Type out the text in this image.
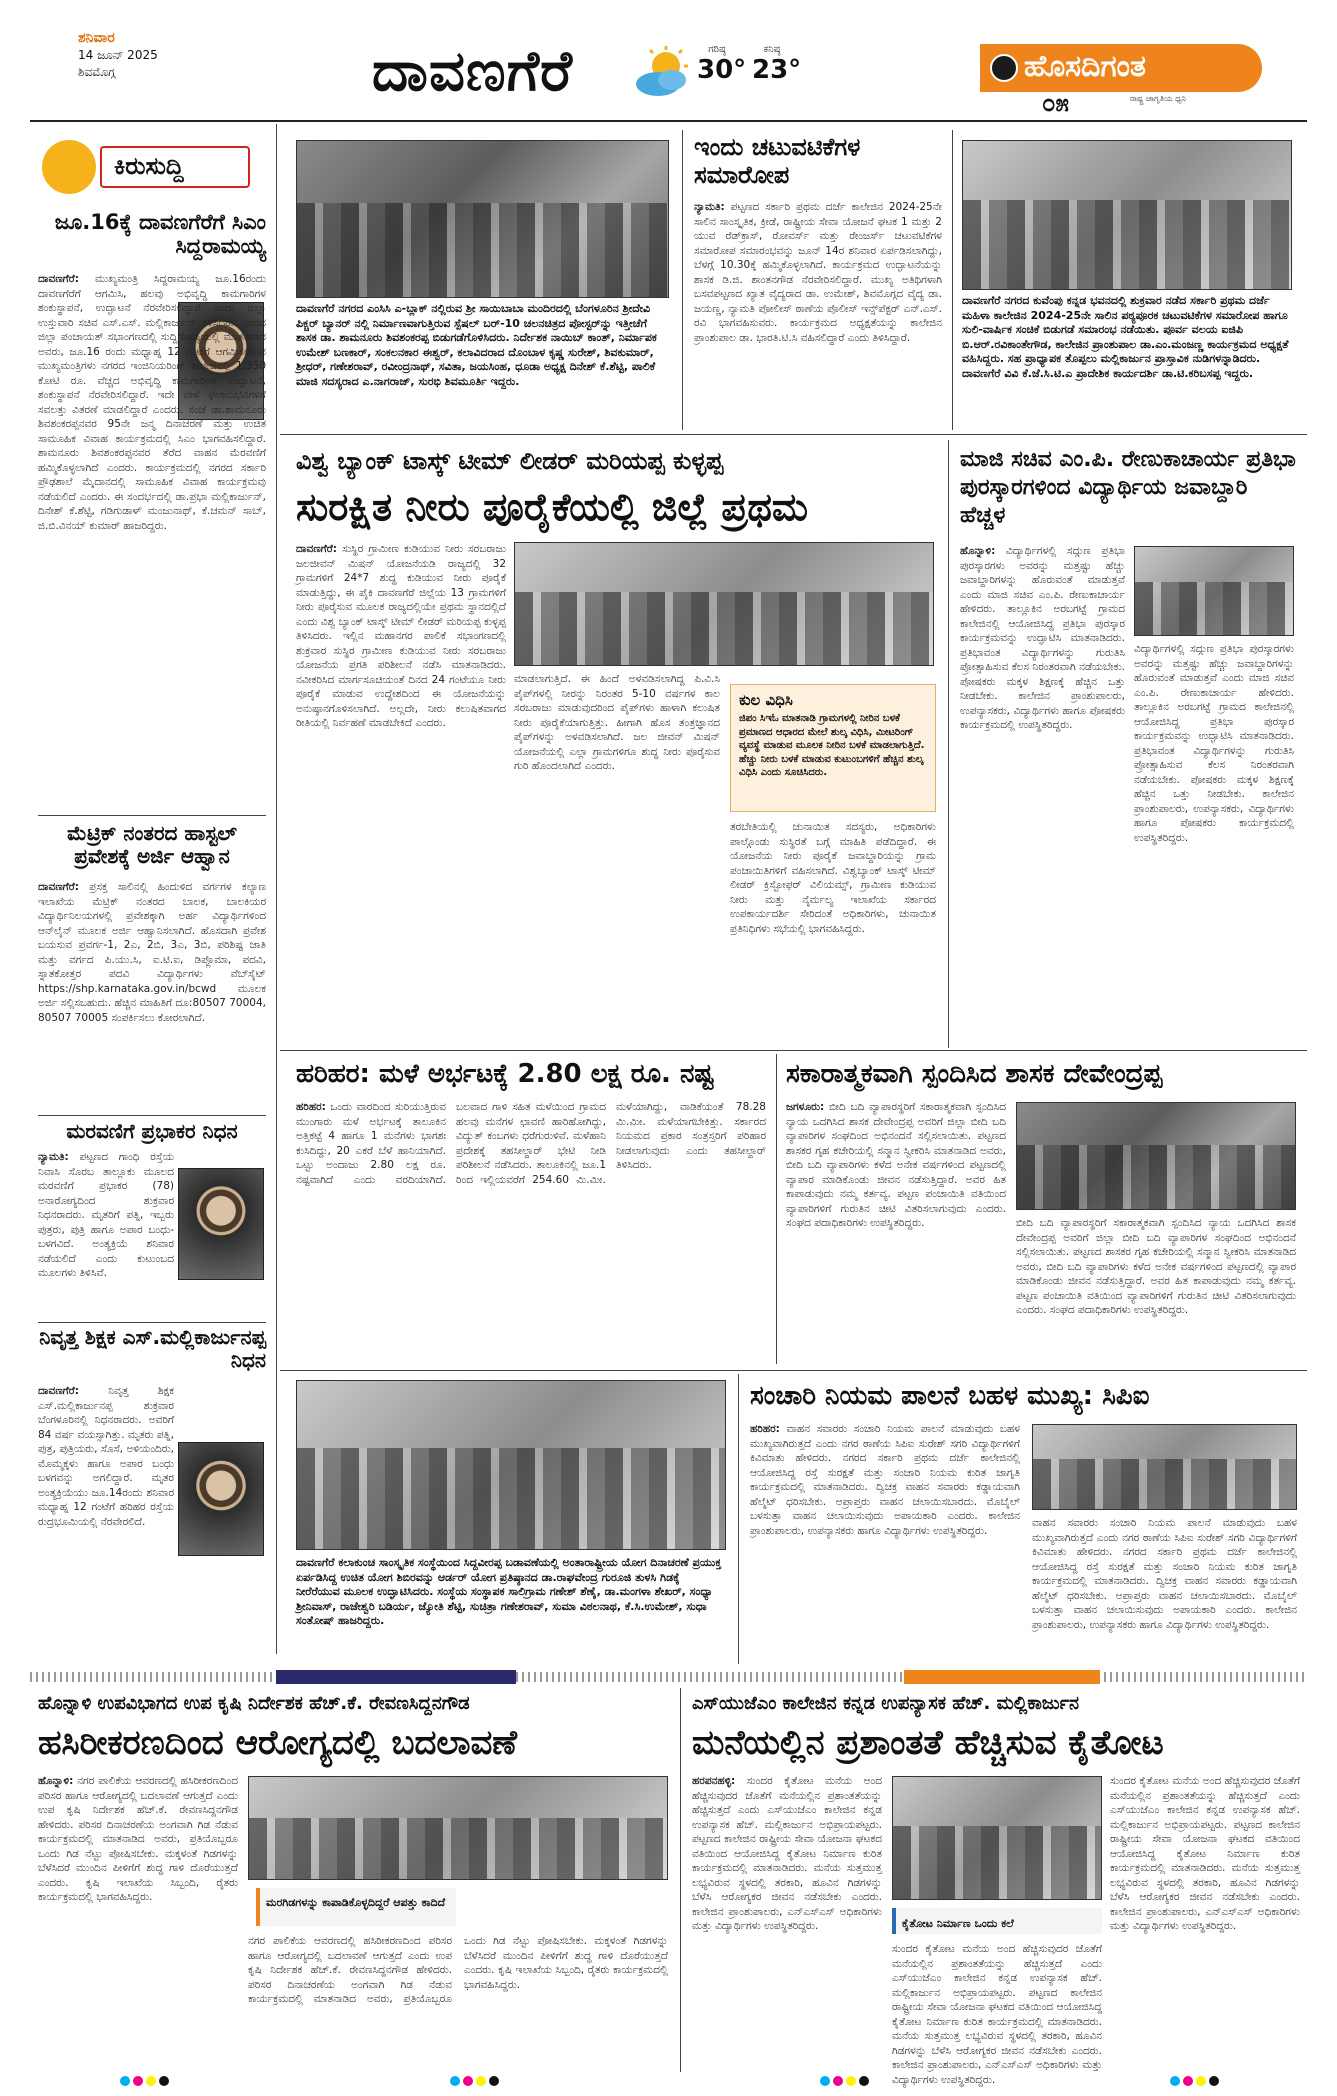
ಶನಿವಾರ
14 ಜೂನ್ 2025
ಶಿವಮೊಗ್ಗ	ದಾವಣಗೆರೆ	ಗರಿಷ್ಠ
30°
ಕನಿಷ್ಠ
23°	ಹೊಸದಿಗಂತ
ರಾಷ್ಟ್ರ ಜಾಗೃತಿಯ ಧ್ವನಿ
೦೫
ಕಿರುಸುದ್ದಿ
ಜೂ.16ಕ್ಕೆ ದಾವಣಗೆರೆಗೆ ಸಿಎಂ ಸಿದ್ದರಾಮಯ್ಯ
ದಾವಣಗೆರೆ: ಮುಖ್ಯಮಂತ್ರಿ ಸಿದ್ದರಾಮಯ್ಯ ಜೂ.16ರಂದು ದಾವಣಗೆರೆಗೆ ಆಗಮಿಸಿ, ಹಲವು ಅಭಿವೃದ್ಧಿ ಕಾಮಗಾರಿಗಳ ಶಂಕುಸ್ಥಾಪನೆ, ಉದ್ಘಾಟನೆ ನೆರವೇರಿಸಲಿದ್ದಾರೆ ಎಂದು ಜಿಲ್ಲಾ ಉಸ್ತುವಾರಿ ಸಚಿವ ಎಸ್.ಎಸ್. ಮಲ್ಲಿಕಾರ್ಜುನ್ ತಿಳಿಸಿದರು. ನಗರದ ಜಿಲ್ಲಾ ಪಂಚಾಯತ್ ಸಭಾಂಗಣದಲ್ಲಿ ಸುದ್ದಿಗೋಷ್ಠಿಯಲ್ಲಿ ಮಾತನಾಡಿದ ಅವರು, ಜೂ.16 ರಂದು ಮಧ್ಯಾಹ್ನ 12 ಗಂಟೆಗೆ ಆಗಮಿಸಲಿರುವ ಮುಖ್ಯಮಂತ್ರಿಗಳು ನಗರದ ಇಂಜಿನಿಯರಿಂಗ್ ಕಾಲೇಜಿನಲ್ಲಿ 1,350 ಕೋಟಿ ರೂ. ವೆಚ್ಚದ ಅಭಿವೃದ್ಧಿ ಕಾಮಗಾರಿಗಳ ಉದ್ಘಾಟನೆ, ಶಂಕುಸ್ಥಾಪನೆ ನೆರವೇರಿಸಲಿದ್ದಾರೆ. ಇದೇ ವೇಳೆ ಫಲಾನುಭವಿಗಳಿಗೆ ಸವಲತ್ತು ವಿತರಣೆ ಮಾಡಲಿದ್ದಾರೆ ಎಂದರು. ಸಂಜೆ ಡಾ.ಶಾಮನೂರು ಶಿವಶಂಕರಪ್ಪನವರ 95ನೇ ಜನ್ಮ ದಿನಾಚರಣೆ ಮತ್ತು ಉಚಿತ ಸಾಮೂಹಿಕ ವಿವಾಹ ಕಾರ್ಯಕ್ರಮದಲ್ಲಿ ಸಿಎಂ ಭಾಗವಹಿಸಲಿದ್ದಾರೆ. ಶಾಮನೂರು ಶಿವಶಂಕರಪ್ಪನವರ ತೆರೆದ ವಾಹನ ಮೆರವಣಿಗೆ ಹಮ್ಮಿಕೊಳ್ಳಲಾಗಿದೆ ಎಂದರು. ಕಾರ್ಯಕ್ರಮದಲ್ಲಿ ನಗರದ ಸರ್ಕಾರಿ ಪ್ರೌಢಶಾಲೆ ಮೈದಾನದಲ್ಲಿ ಸಾಮೂಹಿಕ ವಿವಾಹ ಕಾರ್ಯಕ್ರಮವು ನಡೆಯಲಿದೆ ಎಂದರು. ಈ ಸಂದರ್ಭದಲ್ಲಿ ಡಾ.ಪ್ರಭಾ ಮಲ್ಲಿಕಾರ್ಜುನ್, ದಿನೇಶ್ ಕೆ.ಶೆಟ್ಟಿ, ಗಡಿಗುಡಾಳ್ ಮಂಜುನಾಥ್, ಕೆ.ಚಮನ್ ಸಾಬ್, ಜಿ.ಬಿ.ವಿನಯ್ ಕುಮಾರ್ ಹಾಜರಿದ್ದರು.
ಮೆಟ್ರಿಕ್ ನಂತರದ ಹಾಸ್ಟಲ್ ಪ್ರವೇಶಕ್ಕೆ ಅರ್ಜಿ ಆಹ್ವಾನ
ದಾವಣಗೆರೆ: ಪ್ರಸಕ್ತ ಸಾಲಿನಲ್ಲಿ ಹಿಂದುಳಿದ ವರ್ಗಗಳ ಕಲ್ಯಾಣ ಇಲಾಖೆಯ ಮೆಟ್ರಿಕ್ ನಂತರದ ಬಾಲಕ, ಬಾಲಕಿಯರ ವಿದ್ಯಾರ್ಥಿನಿಲಯಗಳಲ್ಲಿ ಪ್ರವೇಶಕ್ಕಾಗಿ ಅರ್ಹ ವಿದ್ಯಾರ್ಥಿಗಳಿಂದ ಆನ್‍ಲೈನ್ ಮೂಲಕ ಅರ್ಜಿ ಆಹ್ವಾನಿಸಲಾಗಿದೆ. ಹೊಸದಾಗಿ ಪ್ರವೇಶ ಬಯಸುವ ಪ್ರವರ್ಗ-1, 2ಎ, 2ಬಿ, 3ಎ, 3ಬಿ, ಪರಿಶಿಷ್ಟ ಜಾತಿ ಮತ್ತು ವರ್ಗದ ಪಿ.ಯು.ಸಿ, ಐ.ಟಿ.ಐ, ಡಿಪ್ಲೊಮಾ, ಪದವಿ, ಸ್ನಾತಕೋತ್ತರ ಪದವಿ ವಿದ್ಯಾರ್ಥಿಗಳು ವೆಬ್‍ಸೈಟ್ https://shp.karnataka.gov.in/bcwd ಮೂಲಕ ಅರ್ಜಿ ಸಲ್ಲಿಸಬಹುದು. ಹೆಚ್ಚಿನ ಮಾಹಿತಿಗೆ ದೂ:80507 70004, 80507 70005 ಸಂಪರ್ಕಿಸಲು ಕೋರಲಾಗಿದೆ.
ಮರವಣಿಗೆ ಪ್ರಭಾಕರ ನಿಧನ
ನ್ಯಾಮತಿ: ಪಟ್ಟಣದ ಗಾಂಧಿ ರಸ್ತೆಯ ನಿವಾಸಿ ಸೊರಬ ತಾಲ್ಲೂಕು ಮೂಲದ ಮರವಣಿಗೆ ಪ್ರಭಾಕರ (78) ಅನಾರೋಗ್ಯದಿಂದ ಶುಕ್ರವಾರ ನಿಧನರಾದರು. ಮೃತರಿಗೆ ಪತ್ನಿ, ಇಬ್ಬರು ಪುತ್ರರು, ಪುತ್ರಿ ಹಾಗೂ ಅಪಾರ ಬಂಧು-ಬಳಗವಿದೆ. ಅಂತ್ಯಕ್ರಿಯೆ ಶನಿವಾರ ನಡೆಯಲಿದೆ ಎಂದು ಕುಟುಂಬದ ಮೂಲಗಳು ತಿಳಿಸಿವೆ.
ನಿವೃತ್ತ ಶಿಕ್ಷಕ ಎಸ್.ಮಲ್ಲಿಕಾರ್ಜುನಪ್ಪ ನಿಧನ
ದಾವಣಗೆರೆ:	ನಿವೃತ್ತ ಶಿಕ್ಷಕ ಎಸ್.ಮಲ್ಲಿಕಾರ್ಜುನಪ್ಪ ಶುಕ್ರವಾರ ಬೆಂಗಳೂರಿನಲ್ಲಿ ನಿಧನರಾದರು. ಅವರಿಗೆ 84 ವರ್ಷ ವಯಸ್ಸಾಗಿತ್ತು. ಮೃತರು ಪತ್ನಿ, ಪುತ್ರ, ಪುತ್ರಿಯರು, ಸೊಸೆ, ಅಳಿಯಂದಿರು, ಮೊಮ್ಮಕ್ಕಳು ಹಾಗೂ ಅಪಾರ ಬಂಧು ಬಳಗವನ್ನು ಅಗಲಿದ್ದಾರೆ. ಮೃತರ ಅಂತ್ಯಕ್ರಿಯೆಯು ಜೂ.14ರಂದು ಶನಿವಾರ ಮಧ್ಯಾಹ್ನ 12 ಗಂಟೆಗೆ ಹರಿಹರ ರಸ್ತೆಯ ರುದ್ರಭೂಮಿಯಲ್ಲಿ ನೆರವೇರಲಿದೆ.
ದಾವಣಗೆರೆ ನಗರದ ಎಂಸಿಸಿ ಎ-ಬ್ಲಾಕ್ ನಲ್ಲಿರುವ ಶ್ರೀ ಸಾಯಿಬಾಬಾ ಮಂದಿರದಲ್ಲಿ ಬೆಂಗಳೂರಿನ ಶ್ರೀದೇವಿ ಪಿಕ್ಚರ್ ಬ್ಯಾನರ್ ನಲ್ಲಿ ನಿರ್ಮಾಣವಾಗುತ್ತಿರುವ ಸ್ಪೆಷಲ್ ಬರ್-10 ಚಲನಚಿತ್ರದ ಪೋಸ್ಟರ್‌ನ್ನು ಇತ್ತೀಚೆಗೆ ಶಾಸಕ ಡಾ. ಶಾಮನೂರು ಶಿವಶಂಕರಪ್ಪ ಬಿಡುಗಡೆಗೊಳಿಸಿದರು. ನಿರ್ದೇಶಕ ನಾಯಿಬ್ ಕಾಂತ್, ನಿರ್ಮಾಪಕ ಉಮೇಶ್ ಬಣಕಾರ್, ಸಂಕಲನಕಾರ ಈಶ್ವರ್, ಕಲಾವಿದರಾದ ದೊಂಬಾಳ ಕೃಷ್ಣ ಸುರೇಶ್, ಶಿವಕುಮಾರ್, ಶ್ರೀಧರ್, ಗಣೇಶರಾವ್, ರವೀಂದ್ರನಾಥ್, ಸವಿತಾ, ಜಯಸಿಂಹ, ಧೂಡಾ ಅಧ್ಯಕ್ಷ ದಿನೇಶ್ ಕೆ.ಶೆಟ್ಟಿ, ಪಾಲಿಕೆ ಮಾಜಿ ಸದಸ್ಯರಾದ ಎ.ನಾಗರಾಜ್, ಸುರಭಿ ಶಿವಮೂರ್ತಿ ಇದ್ದರು.
ಇಂದು ಚಟುವಟಿಕೆಗಳ ಸಮಾರೋಪ
ನ್ಯಾಮತಿ: ಪಟ್ಟಣದ ಸರ್ಕಾರಿ ಪ್ರಥಮ ದರ್ಜೆ ಕಾಲೇಜಿನ 2024-25ನೇ ಸಾಲಿನ ಸಾಂಸ್ಕೃತಿಕ, ಕ್ರೀಡೆ, ರಾಷ್ಟ್ರೀಯ ಸೇವಾ ಯೋಜನೆ ಘಟಕ 1 ಮತ್ತು 2 ಯುವ ರೆಡ್‍ಕ್ರಾಸ್, ರೋವರ್ಸ್ ಮತ್ತು ರೇಂಜರ್ಸ್ ಚಟುವಟಿಕೆಗಳ ಸಮಾರೋಪ ಸಮಾರಂಭವನ್ನು ಜೂನ್ 14ರ ಶನಿವಾರ ಏರ್ಪಡಿಸಲಾಗಿದ್ದು, ಬೆಳಗ್ಗೆ 10.30ಕ್ಕೆ ಹಮ್ಮಿಕೊಳ್ಳಲಾಗಿದೆ. ಕಾರ್ಯಕ್ರಮದ ಉದ್ಘಾಟನೆಯನ್ನು ಶಾಸಕ ಡಿ.ಜಿ. ಶಾಂತನಗೌಡ ನೆರವೇರಿಸಲಿದ್ದಾರೆ. ಮುಖ್ಯ ಅತಿಥಿಗಳಾಗಿ ಬಸವಪಟ್ಟಣದ ಖ್ಯಾತ ವೈದ್ಯರಾದ ಡಾ. ಉಮೇಶ್, ಶಿವಮೊಗ್ಗದ ವೈದ್ಯ ಡಾ. ಜಯಣ್ಣ, ನ್ಯಾಮತಿ ಪೋಲೀಸ್ ಠಾಣೆಯ ಪೊಲೀಸ್ ಇನ್ಸ್‌ಪೆಕ್ಟರ್ ಎನ್.ಎಸ್. ರವಿ ಭಾಗವಹಿಸುವರು. ಕಾರ್ಯಕ್ರಮದ ಅಧ್ಯಕ್ಷತೆಯನ್ನು ಕಾಲೇಜಿನ ಪ್ರಾಂಶುಪಾಲ ಡಾ. ಭಾರತಿ.ಟಿ.ಸಿ ವಹಿಸಲಿದ್ದಾರೆ ಎಂದು ತಿಳಿಸಿದ್ದಾರೆ.
ದಾವಣಗೆರೆ ನಗರದ ಕುವೆಂಪು ಕನ್ನಡ ಭವನದಲ್ಲಿ ಶುಕ್ರವಾರ ನಡೆದ ಸರ್ಕಾರಿ ಪ್ರಥಮ ದರ್ಜೆ ಮಹಿಳಾ ಕಾಲೇಜಿನ 2024-25ನೇ ಸಾಲಿನ ಪಠ್ಯಪೂರಕ ಚಟುವಟಿಕೆಗಳ ಸಮಾರೋಪ ಹಾಗೂ ಸುಲಿ-ವಾರ್ಷಿಕ ಸಂಚಿಕೆ ಬಿಡುಗಡೆ ಸಮಾರಂಭ ನಡೆಯಿತು. ಪೂರ್ವ ವಲಯ ಐಜಿಪಿ ಬಿ.ಆರ್.ರವಿಕಾಂತೇಗೌಡ, ಕಾಲೇಜಿನ ಪ್ರಾಂಶುಪಾಲ ಡಾ.ಎಂ.ಮಂಜಣ್ಣ ಕಾರ್ಯಕ್ರಮದ ಅಧ್ಯಕ್ಷತೆ ವಹಿಸಿದ್ದರು. ಸಹ ಪ್ರಾಧ್ಯಾಪಕ ತೊಪ್ಪಲು ಮಲ್ಲಿಕಾರ್ಜುನ ಪ್ರಾಸ್ತಾವಿಕ ನುಡಿಗಳನ್ನಾಡಿದರು. ದಾವಣಗೆರೆ ವಿವಿ ಕೆ.ಜೆ.ಸಿ.ಟಿ.ಎ ಪ್ರಾದೇಶಿಕ ಕಾರ್ಯದರ್ಶಿ ಡಾ.ಟಿ.ಕರಿಬಸಪ್ಪ ಇದ್ದರು.
ವಿಶ್ವ ಬ್ಯಾಂಕ್ ಟಾಸ್ಕ್ ಟೀಮ್ ಲೀಡರ್ ಮರಿಯಪ್ಪ ಕುಳ್ಳಪ್ಪ
ಸುರಕ್ಷಿತ ನೀರು ಪೂರೈಕೆಯಲ್ಲಿ ಜಿಲ್ಲೆ ಪ್ರಥಮ
ದಾವಣಗೆರೆ: ಸುಸ್ಥಿರ ಗ್ರಾಮೀಣ ಕುಡಿಯುವ ನೀರು ಸರಬರಾಜು ಜಲಜೀವನ್ ಮಿಷನ್ ಯೋಜನೆಯಡಿ ರಾಜ್ಯದಲ್ಲಿ 32 ಗ್ರಾಮಗಳಿಗೆ 24*7 ಶುದ್ಧ ಕುಡಿಯುವ ನೀರು ಪೂರೈಕೆ ಮಾಡುತ್ತಿದ್ದು, ಈ ಪೈಕಿ ದಾವಣಗೆರೆ ಜಿಲ್ಲೆಯ 13 ಗ್ರಾಮಗಳಿಗೆ ನೀರು ಪೂರೈಸುವ ಮೂಲಕ ರಾಜ್ಯದಲ್ಲಿಯೇ ಪ್ರಥಮ ಸ್ಥಾನದಲ್ಲಿದೆ ಎಂದು ವಿಶ್ವ ಬ್ಯಾಂಕ್ ಟಾಸ್ಕ್ ಟೀಮ್ ಲೀಡರ್ ಮರಿಯಪ್ಪ ಕುಳ್ಳಪ್ಪ ತಿಳಿಸಿದರು. ಇಲ್ಲಿನ ಮಹಾನಗರ ಪಾಲಿಕೆ ಸಭಾಂಗಣದಲ್ಲಿ ಶುಕ್ರವಾರ ಸುಸ್ಥಿರ ಗ್ರಾಮೀಣ ಕುಡಿಯುವ ನೀರು ಸರಬರಾಜು ಯೋಜನೆಯ ಪ್ರಗತಿ ಪರಿಶೀಲನೆ ನಡೆಸಿ ಮಾತನಾಡಿದರು. ನವೀಕರಿಸಿದ ಮಾರ್ಗಸೂಚಿಯಂತೆ ದಿನದ 24 ಗಂಟೆಯೂ ನೀರು ಪೂರೈಕೆ ಮಾಡುವ ಉದ್ದೇಶದಿಂದ ಈ ಯೋಜನೆಯನ್ನು ಅನುಷ್ಠಾನಗೊಳಿಸಲಾಗಿದೆ. ಅಲ್ಲದೇ, ನೀರು ಕಲುಷಿತವಾಗದ ರೀತಿಯಲ್ಲಿ ನಿರ್ವಹಣೆ ಮಾಡಬೇಕಿದೆ ಎಂದರು.
ಮಾಡಲಾಗುತ್ತಿದೆ. ಈ ಹಿಂದೆ ಅಳವಡಿಸಲಾಗಿದ್ದ ಪಿ.ವಿ.ಸಿ ಪೈಪ್‌ಗಳಲ್ಲಿ ನೀರನ್ನು ನಿರಂತರ 5-10 ವರ್ಷಗಳ ಕಾಲ ಸರಬರಾಜು ಮಾಡುವುದರಿಂದ ಪೈಪ್‌ಗಳು ಹಾಳಾಗಿ ಕಲುಷಿತ ನೀರು ಪೂರೈಕೆಯಾಗುತ್ತಿತ್ತು. ಹೀಗಾಗಿ ಹೊಸ ತಂತ್ರಜ್ಞಾನದ ಪೈಪ್‌ಗಳನ್ನು ಅಳವಡಿಸಲಾಗಿದೆ. ಜಲ ಜೀವನ್ ಮಿಷನ್ ಯೋಜನೆಯಲ್ಲಿ ಎಲ್ಲಾ ಗ್ರಾಮಗಳಿಗೂ ಶುದ್ಧ ನೀರು ಪೂರೈಸುವ ಗುರಿ ಹೊಂದಲಾಗಿದೆ ಎಂದರು.
ಕುಲ ವಿಧಿಸಿ
ಜಿಪಂ ಸಿಇಓ ಮಾತನಾಡಿ ಗ್ರಾಮಗಳಲ್ಲಿ ನೀರಿನ ಬಳಕೆ ಪ್ರಮಾಣದ ಆಧಾರದ ಮೇಲೆ ಶುಲ್ಕ ವಿಧಿಸಿ, ಮೀಟರಿಂಗ್ ವ್ಯವಸ್ಥೆ ಮಾಡುವ ಮೂಲಕ ನೀರಿನ ಬಳಕೆ ಮಾಡಲಾಗುತ್ತಿದೆ. ಹೆಚ್ಚು ನೀರು ಬಳಕೆ ಮಾಡುವ ಕುಟುಂಬಗಳಿಗೆ ಹೆಚ್ಚಿನ ಶುಲ್ಕ ವಿಧಿಸಿ ಎಂದು ಸೂಚಿಸಿದರು.
ತರಬೇತಿಯಲ್ಲಿ ಚುನಾಯಿತ ಸದಸ್ಯರು, ಅಧಿಕಾರಿಗಳು ಪಾಲ್ಗೊಂಡು ಸುಸ್ಥಿರತೆ ಬಗ್ಗೆ ಮಾಹಿತಿ ಪಡೆದಿದ್ದಾರೆ. ಈ ಯೋಜನೆಯ ನೀರು ಪೂರೈಕೆ ಜವಾಬ್ದಾರಿಯನ್ನು ಗ್ರಾಮ ಪಂಚಾಯಿತಿಗಳಿಗೆ ವಹಿಸಲಾಗಿದೆ. ವಿಶ್ವಬ್ಯಾಂಕ್ ಟಾಸ್ಕ್ ಟೀಮ್ ಲೀಡರ್ ಕ್ರಿಸ್ಟೋಫರ್ ವಿಲಿಯಮ್ಸ್, ಗ್ರಾಮೀಣ ಕುಡಿಯುವ ನೀರು ಮತ್ತು ನೈರ್ಮಲ್ಯ ಇಲಾಖೆಯ ಸರ್ಕಾರದ ಉಪಕಾರ್ಯದರ್ಶಿ ಸೇರಿದಂತೆ ಅಧಿಕಾರಿಗಳು, ಚುನಾಯಿತ ಪ್ರತಿನಿಧಿಗಳು ಸಭೆಯಲ್ಲಿ ಭಾಗವಹಿಸಿದ್ದರು.
ಮಾಜಿ ಸಚಿವ ಎಂ.ಪಿ. ರೇಣುಕಾಚಾರ್ಯ ಪ್ರತಿಭಾ ಪುರಸ್ಕಾರಗಳಿಂದ ವಿದ್ಯಾರ್ಥಿಯ ಜವಾಬ್ದಾರಿ ಹೆಚ್ಚಳ
ಹೊನ್ನಾಳಿ: ವಿದ್ಯಾರ್ಥಿಗಳಲ್ಲಿ ಸದ್ಗುಣ ಪ್ರತಿಭಾ ಪುರಸ್ಕಾರಗಳು ಅವರನ್ನು ಮತ್ತಷ್ಟು ಹೆಚ್ಚು ಜವಾಬ್ದಾರಿಗಳನ್ನು ಹೊರುವಂತೆ ಮಾಡುತ್ತವೆ ಎಂದು ಮಾಜಿ ಸಚಿವ ಎಂ.ಪಿ. ರೇಣುಕಾಚಾರ್ಯ ಹೇಳಿದರು. ತಾಲ್ಲೂಕಿನ ಅರಬಗಟ್ಟೆ ಗ್ರಾಮದ ಕಾಲೇಜಿನಲ್ಲಿ ಆಯೋಜಿಸಿದ್ದ ಪ್ರತಿಭಾ ಪುರಸ್ಕಾರ ಕಾರ್ಯಕ್ರಮವನ್ನು ಉದ್ಘಾಟಿಸಿ ಮಾತನಾಡಿದರು. ಪ್ರತಿಭಾವಂತ ವಿದ್ಯಾರ್ಥಿಗಳನ್ನು ಗುರುತಿಸಿ ಪ್ರೋತ್ಸಾಹಿಸುವ ಕೆಲಸ ನಿರಂತರವಾಗಿ ನಡೆಯಬೇಕು. ಪೋಷಕರು ಮಕ್ಕಳ ಶಿಕ್ಷಣಕ್ಕೆ ಹೆಚ್ಚಿನ ಒತ್ತು ನೀಡಬೇಕು. ಕಾಲೇಜಿನ ಪ್ರಾಂಶುಪಾಲರು, ಉಪನ್ಯಾಸಕರು, ವಿದ್ಯಾರ್ಥಿಗಳು ಹಾಗೂ ಪೋಷಕರು ಕಾರ್ಯಕ್ರಮದಲ್ಲಿ ಉಪಸ್ಥಿತರಿದ್ದರು.
ವಿದ್ಯಾರ್ಥಿಗಳಲ್ಲಿ ಸದ್ಗುಣ ಪ್ರತಿಭಾ ಪುರಸ್ಕಾರಗಳು ಅವರನ್ನು ಮತ್ತಷ್ಟು ಹೆಚ್ಚು ಜವಾಬ್ದಾರಿಗಳನ್ನು ಹೊರುವಂತೆ ಮಾಡುತ್ತವೆ ಎಂದು ಮಾಜಿ ಸಚಿವ ಎಂ.ಪಿ. ರೇಣುಕಾಚಾರ್ಯ ಹೇಳಿದರು. ತಾಲ್ಲೂಕಿನ ಅರಬಗಟ್ಟೆ ಗ್ರಾಮದ ಕಾಲೇಜಿನಲ್ಲಿ ಆಯೋಜಿಸಿದ್ದ ಪ್ರತಿಭಾ ಪುರಸ್ಕಾರ ಕಾರ್ಯಕ್ರಮವನ್ನು ಉದ್ಘಾಟಿಸಿ ಮಾತನಾಡಿದರು. ಪ್ರತಿಭಾವಂತ ವಿದ್ಯಾರ್ಥಿಗಳನ್ನು ಗುರುತಿಸಿ ಪ್ರೋತ್ಸಾಹಿಸುವ ಕೆಲಸ ನಿರಂತರವಾಗಿ ನಡೆಯಬೇಕು. ಪೋಷಕರು ಮಕ್ಕಳ ಶಿಕ್ಷಣಕ್ಕೆ ಹೆಚ್ಚಿನ ಒತ್ತು ನೀಡಬೇಕು. ಕಾಲೇಜಿನ ಪ್ರಾಂಶುಪಾಲರು, ಉಪನ್ಯಾಸಕರು, ವಿದ್ಯಾರ್ಥಿಗಳು ಹಾಗೂ ಪೋಷಕರು ಕಾರ್ಯಕ್ರಮದಲ್ಲಿ ಉಪಸ್ಥಿತರಿದ್ದರು.
ಹರಿಹರ: ಮಳೆ ಅರ್ಭಟಕ್ಕೆ 2.80 ಲಕ್ಷ ರೂ. ನಷ್ಟ
ಹರಿಹರ: ಒಂದು ವಾರದಿಂದ ಸುರಿಯುತ್ತಿರುವ ಮುಂಗಾರು ಮಳೆ ಅರ್ಭಟಕ್ಕೆ ತಾಲೂಕಿನ ಅತ್ತಿಕಟ್ಟೆ 4 ಹಾಗೂ 1 ಮನೆಗಳು ಭಾಗಶಃ ಕುಸಿದಿದ್ದು, 20 ಎಕರೆ ಬೆಳೆ ಹಾನಿಯಾಗಿದೆ. ಒಟ್ಟು ಅಂದಾಜು 2.80 ಲಕ್ಷ ರೂ. ನಷ್ಟವಾಗಿದೆ ಎಂದು ವರದಿಯಾಗಿದೆ. ಬಲವಾದ ಗಾಳಿ ಸಹಿತ ಮಳೆಯಿಂದ ಗ್ರಾಮದ ಹಲವು ಮನೆಗಳ ಛಾವಣಿ ಹಾರಿಹೋಗಿದ್ದು, ವಿದ್ಯುತ್ ಕಂಬಗಳು ಧರೆಗುರುಳಿವೆ. ಮಳೆಹಾನಿ ಪ್ರದೇಶಕ್ಕೆ ತಹಸೀಲ್ದಾರ್ ಭೇಟಿ ನೀಡಿ ಪರಿಶೀಲನೆ ನಡೆಸಿದರು. ತಾಲೂಕಿನಲ್ಲಿ ಜೂ.1 ರಿಂದ ಇಲ್ಲಿಯವರೆಗೆ 254.60 ಮಿ.ಮೀ. ಮಳೆಯಾಗಿದ್ದು, ವಾಡಿಕೆಯಂತೆ 78.28 ಮಿ.ಮೀ. ಮಳೆಯಾಗಬೇಕಿತ್ತು. ಸರ್ಕಾರದ ನಿಯಮದ ಪ್ರಕಾರ ಸಂತ್ರಸ್ತರಿಗೆ ಪರಿಹಾರ ನೀಡಲಾಗುವುದು ಎಂದು ತಹಸೀಲ್ದಾರ್ ತಿಳಿಸಿದರು.
ಸಕಾರಾತ್ಮಕವಾಗಿ ಸ್ಪಂದಿಸಿದ ಶಾಸಕ ದೇವೇಂದ್ರಪ್ಪ
ಜಗಳೂರು: ಬೀದಿ ಬದಿ ವ್ಯಾಪಾರಸ್ಥರಿಗೆ ಸಕಾರಾತ್ಮಕವಾಗಿ ಸ್ಪಂದಿಸಿದ ನ್ಯಾಯ ಒದಗಿಸಿದ ಶಾಸಕ ದೇವೇಂದ್ರಪ್ಪ ಅವರಿಗೆ ಜಿಲ್ಲಾ ಬೀದಿ ಬದಿ ವ್ಯಾಪಾರಿಗಳ ಸಂಘದಿಂದ ಅಭಿನಂದನೆ ಸಲ್ಲಿಸಲಾಯಿತು. ಪಟ್ಟಣದ ಶಾಸಕರ ಗೃಹ ಕಚೇರಿಯಲ್ಲಿ ಸನ್ಮಾನ ಸ್ವೀಕರಿಸಿ ಮಾತನಾಡಿದ ಅವರು, ಬೀದಿ ಬದಿ ವ್ಯಾಪಾರಿಗಳು ಕಳೆದ ಅನೇಕ ವರ್ಷಗಳಿಂದ ಪಟ್ಟಣದಲ್ಲಿ ವ್ಯಾಪಾರ ಮಾಡಿಕೊಂಡು ಜೀವನ ನಡೆಸುತ್ತಿದ್ದಾರೆ. ಅವರ ಹಿತ ಕಾಪಾಡುವುದು ನಮ್ಮ ಕರ್ತವ್ಯ. ಪಟ್ಟಣ ಪಂಚಾಯಿತಿ ವತಿಯಿಂದ ವ್ಯಾಪಾರಿಗಳಿಗೆ ಗುರುತಿನ ಚೀಟಿ ವಿತರಿಸಲಾಗುವುದು ಎಂದರು. ಸಂಘದ ಪದಾಧಿಕಾರಿಗಳು ಉಪಸ್ಥಿತರಿದ್ದರು.	ಬೀದಿ ಬದಿ ವ್ಯಾಪಾರಸ್ಥರಿಗೆ ಸಕಾರಾತ್ಮಕವಾಗಿ ಸ್ಪಂದಿಸಿದ ನ್ಯಾಯ ಒದಗಿಸಿದ ಶಾಸಕ ದೇವೇಂದ್ರಪ್ಪ ಅವರಿಗೆ ಜಿಲ್ಲಾ ಬೀದಿ ಬದಿ ವ್ಯಾಪಾರಿಗಳ ಸಂಘದಿಂದ ಅಭಿನಂದನೆ ಸಲ್ಲಿಸಲಾಯಿತು. ಪಟ್ಟಣದ ಶಾಸಕರ ಗೃಹ ಕಚೇರಿಯಲ್ಲಿ ಸನ್ಮಾನ ಸ್ವೀಕರಿಸಿ ಮಾತನಾಡಿದ ಅವರು, ಬೀದಿ ಬದಿ ವ್ಯಾಪಾರಿಗಳು ಕಳೆದ ಅನೇಕ ವರ್ಷಗಳಿಂದ ಪಟ್ಟಣದಲ್ಲಿ ವ್ಯಾಪಾರ ಮಾಡಿಕೊಂಡು ಜೀವನ ನಡೆಸುತ್ತಿದ್ದಾರೆ. ಅವರ ಹಿತ ಕಾಪಾಡುವುದು ನಮ್ಮ ಕರ್ತವ್ಯ. ಪಟ್ಟಣ ಪಂಚಾಯಿತಿ ವತಿಯಿಂದ ವ್ಯಾಪಾರಿಗಳಿಗೆ ಗುರುತಿನ ಚೀಟಿ ವಿತರಿಸಲಾಗುವುದು ಎಂದರು. ಸಂಘದ ಪದಾಧಿಕಾರಿಗಳು ಉಪಸ್ಥಿತರಿದ್ದರು.
ದಾವಣಗೆರೆ ಕಲಾಕುಂಚ ಸಾಂಸ್ಕೃತಿಕ ಸಂಸ್ಥೆಯಿಂದ ಸಿದ್ದವೀರಪ್ಪ ಬಡಾವಣೆಯಲ್ಲಿ ಅಂತಾರಾಷ್ಟ್ರೀಯ ಯೋಗ ದಿನಾಚರಣೆ ಪ್ರಯುಕ್ತ ಏರ್ಪಡಿಸಿದ್ದ ಉಚಿತ ಯೋಗ ಶಿಬಿರವನ್ನು ಆರ್ಡರ್ ಯೋಗ ಪ್ರತಿಷ್ಠಾನದ ಡಾ.ರಾಘವೇಂದ್ರ ಗುರೂಜಿ ತುಳಸಿ ಗಿಡಕ್ಕೆ ನೀರೆರೆಯುವ ಮೂಲಕ ಉದ್ಘಾಟಿಸಿದರು. ಸಂಸ್ಥೆಯ ಸಂಸ್ಥಾಪಕ ಸಾಲಿಗ್ರಾಮ ಗಣೇಶ್ ಶೆಣೈ, ಡಾ.ಮಂಗಳಾ ಶೇಖರ್, ಸಂಧ್ಯಾ ಶ್ರೀನಿವಾಸ್, ರಾಜೇಶ್ವರಿ ಬಡಿರ್ಯ, ಜ್ಯೋತಿ ಶೆಟ್ಟಿ, ಸುಚಿತ್ರಾ ಗಣೇಶರಾವ್, ಸುಮಾ ವಿಠಲನಾಥ, ಕೆ.ಸಿ.ಉಮೇಶ್, ಸುಧಾ ಸಂತೋಷ್ ಹಾಜರಿದ್ದರು.
ಸಂಚಾರಿ ನಿಯಮ ಪಾಲನೆ ಬಹಳ ಮುಖ್ಯ: ಸಿಪಿಐ
ಹರಿಹರ: ವಾಹನ ಸವಾರರು ಸಂಚಾರಿ ನಿಯಮ ಪಾಲನೆ ಮಾಡುವುದು ಬಹಳ ಮುಖ್ಯವಾಗಿರುತ್ತದೆ ಎಂದು ನಗರ ಠಾಣೆಯ ಸಿಪಿಐ ಸುರೇಶ್ ಸಗರಿ ವಿದ್ಯಾರ್ಥಿಗಳಿಗೆ ಕಿವಿಮಾತು ಹೇಳಿದರು. ನಗರದ ಸರ್ಕಾರಿ ಪ್ರಥಮ ದರ್ಜೆ ಕಾಲೇಜಿನಲ್ಲಿ ಆಯೋಜಿಸಿದ್ದ ರಸ್ತೆ ಸುರಕ್ಷತೆ ಮತ್ತು ಸಂಚಾರಿ ನಿಯಮ ಕುರಿತ ಜಾಗೃತಿ ಕಾರ್ಯಕ್ರಮದಲ್ಲಿ ಮಾತನಾಡಿದರು. ದ್ವಿಚಕ್ರ ವಾಹನ ಸವಾರರು ಕಡ್ಡಾಯವಾಗಿ ಹೆಲ್ಮೆಟ್ ಧರಿಸಬೇಕು. ಅಪ್ರಾಪ್ತರು ವಾಹನ ಚಲಾಯಿಸಬಾರದು. ಮೊಬೈಲ್ ಬಳಸುತ್ತಾ ವಾಹನ ಚಲಾಯಿಸುವುದು ಅಪಾಯಕಾರಿ ಎಂದರು. ಕಾಲೇಜಿನ ಪ್ರಾಂಶುಪಾಲರು, ಉಪನ್ಯಾಸಕರು ಹಾಗೂ ವಿದ್ಯಾರ್ಥಿಗಳು ಉಪಸ್ಥಿತರಿದ್ದರು.
ವಾಹನ ಸವಾರರು ಸಂಚಾರಿ ನಿಯಮ ಪಾಲನೆ ಮಾಡುವುದು ಬಹಳ ಮುಖ್ಯವಾಗಿರುತ್ತದೆ ಎಂದು ನಗರ ಠಾಣೆಯ ಸಿಪಿಐ ಸುರೇಶ್ ಸಗರಿ ವಿದ್ಯಾರ್ಥಿಗಳಿಗೆ ಕಿವಿಮಾತು ಹೇಳಿದರು. ನಗರದ ಸರ್ಕಾರಿ ಪ್ರಥಮ ದರ್ಜೆ ಕಾಲೇಜಿನಲ್ಲಿ ಆಯೋಜಿಸಿದ್ದ ರಸ್ತೆ ಸುರಕ್ಷತೆ ಮತ್ತು ಸಂಚಾರಿ ನಿಯಮ ಕುರಿತ ಜಾಗೃತಿ ಕಾರ್ಯಕ್ರಮದಲ್ಲಿ ಮಾತನಾಡಿದರು. ದ್ವಿಚಕ್ರ ವಾಹನ ಸವಾರರು ಕಡ್ಡಾಯವಾಗಿ ಹೆಲ್ಮೆಟ್ ಧರಿಸಬೇಕು. ಅಪ್ರಾಪ್ತರು ವಾಹನ ಚಲಾಯಿಸಬಾರದು. ಮೊಬೈಲ್ ಬಳಸುತ್ತಾ ವಾಹನ ಚಲಾಯಿಸುವುದು ಅಪಾಯಕಾರಿ ಎಂದರು. ಕಾಲೇಜಿನ ಪ್ರಾಂಶುಪಾಲರು, ಉಪನ್ಯಾಸಕರು ಹಾಗೂ ವಿದ್ಯಾರ್ಥಿಗಳು ಉಪಸ್ಥಿತರಿದ್ದರು.
ಹೊನ್ನಾಳಿ ಉಪವಿಭಾಗದ ಉಪ ಕೃಷಿ ನಿರ್ದೇಶಕ ಹೆಚ್.ಕೆ. ರೇವಣಸಿದ್ದನಗೌಡ
ಹಸಿರೀಕರಣದಿಂದ ಆರೋಗ್ಯದಲ್ಲಿ ಬದಲಾವಣೆ
ಹೊನ್ನಾಳಿ: ನಗರ ಪಾಲಿಕೆಯ ಆವರಣದಲ್ಲಿ ಹಸಿರೀಕರಣದಿಂದ ಪರಿಸರ ಹಾಗೂ ಆರೋಗ್ಯದಲ್ಲಿ ಬದಲಾವಣೆ ಆಗುತ್ತದೆ ಎಂದು ಉಪ ಕೃಷಿ ನಿರ್ದೇಶಕ ಹೆಚ್.ಕೆ. ರೇವಣಸಿದ್ದನಗೌಡ ಹೇಳಿದರು. ಪರಿಸರ ದಿನಾಚರಣೆಯ ಅಂಗವಾಗಿ ಗಿಡ ನೆಡುವ ಕಾರ್ಯಕ್ರಮದಲ್ಲಿ ಮಾತನಾಡಿದ ಅವರು, ಪ್ರತಿಯೊಬ್ಬರೂ ಒಂದು ಗಿಡ ನೆಟ್ಟು ಪೋಷಿಸಬೇಕು. ಮಕ್ಕಳಂತೆ ಗಿಡಗಳನ್ನು ಬೆಳೆಸಿದರೆ ಮುಂದಿನ ಪೀಳಿಗೆಗೆ ಶುದ್ಧ ಗಾಳಿ ದೊರೆಯುತ್ತದೆ ಎಂದರು. ಕೃಷಿ ಇಲಾಖೆಯ ಸಿಬ್ಬಂದಿ, ರೈತರು ಕಾರ್ಯಕ್ರಮದಲ್ಲಿ ಭಾಗವಹಿಸಿದ್ದರು.	ಮರಗಿಡಗಳನ್ನು ಕಾಪಾಡಿಕೊಳ್ಳದಿದ್ದರೆ ಆಪತ್ತು ಕಾದಿದೆ
ನಗರ ಪಾಲಿಕೆಯ ಆವರಣದಲ್ಲಿ ಹಸಿರೀಕರಣದಿಂದ ಪರಿಸರ ಹಾಗೂ ಆರೋಗ್ಯದಲ್ಲಿ ಬದಲಾವಣೆ ಆಗುತ್ತದೆ ಎಂದು ಉಪ ಕೃಷಿ ನಿರ್ದೇಶಕ ಹೆಚ್.ಕೆ. ರೇವಣಸಿದ್ದನಗೌಡ ಹೇಳಿದರು. ಪರಿಸರ ದಿನಾಚರಣೆಯ ಅಂಗವಾಗಿ ಗಿಡ ನೆಡುವ ಕಾರ್ಯಕ್ರಮದಲ್ಲಿ ಮಾತನಾಡಿದ ಅವರು, ಪ್ರತಿಯೊಬ್ಬರೂ ಒಂದು ಗಿಡ ನೆಟ್ಟು ಪೋಷಿಸಬೇಕು. ಮಕ್ಕಳಂತೆ ಗಿಡಗಳನ್ನು ಬೆಳೆಸಿದರೆ ಮುಂದಿನ ಪೀಳಿಗೆಗೆ ಶುದ್ಧ ಗಾಳಿ ದೊರೆಯುತ್ತದೆ ಎಂದರು. ಕೃಷಿ ಇಲಾಖೆಯ ಸಿಬ್ಬಂದಿ, ರೈತರು ಕಾರ್ಯಕ್ರಮದಲ್ಲಿ ಭಾಗವಹಿಸಿದ್ದರು.
ಎಸ್‌ಯುಜೆಎಂ ಕಾಲೇಜಿನ ಕನ್ನಡ ಉಪನ್ಯಾಸಕ ಹೆಚ್. ಮಲ್ಲಿಕಾರ್ಜುನ
ಮನೆಯಲ್ಲಿನ ಪ್ರಶಾಂತತೆ ಹೆಚ್ಚಿಸುವ ಕೈತೋಟ
ಹರಪನಹಳ್ಳಿ: ಸುಂದರ ಕೈತೋಟ ಮನೆಯ ಅಂದ ಹೆಚ್ಚಿಸುವುದರ ಜೊತೆಗೆ ಮನೆಯಲ್ಲಿನ ಪ್ರಶಾಂತತೆಯನ್ನು ಹೆಚ್ಚಿಸುತ್ತದೆ ಎಂದು ಎಸ್‌ಯುಜೆಎಂ ಕಾಲೇಜಿನ ಕನ್ನಡ ಉಪನ್ಯಾಸಕ ಹೆಚ್. ಮಲ್ಲಿಕಾರ್ಜುನ ಅಭಿಪ್ರಾಯಪಟ್ಟರು. ಪಟ್ಟಣದ ಕಾಲೇಜಿನ ರಾಷ್ಟ್ರೀಯ ಸೇವಾ ಯೋಜನಾ ಘಟಕದ ವತಿಯಿಂದ ಆಯೋಜಿಸಿದ್ದ ಕೈತೋಟ ನಿರ್ಮಾಣ ಕುರಿತ ಕಾರ್ಯಕ್ರಮದಲ್ಲಿ ಮಾತನಾಡಿದರು. ಮನೆಯ ಸುತ್ತಮುತ್ತ ಲಭ್ಯವಿರುವ ಸ್ಥಳದಲ್ಲಿ ತರಕಾರಿ, ಹೂವಿನ ಗಿಡಗಳನ್ನು ಬೆಳೆಸಿ ಆರೋಗ್ಯಕರ ಜೀವನ ನಡೆಸಬೇಕು ಎಂದರು. ಕಾಲೇಜಿನ ಪ್ರಾಂಶುಪಾಲರು, ಎನ್ಎಸ್ಎಸ್ ಅಧಿಕಾರಿಗಳು ಮತ್ತು ವಿದ್ಯಾರ್ಥಿಗಳು ಉಪಸ್ಥಿತರಿದ್ದರು.	ಕೈತೋಟ ನಿರ್ಮಾಣ ಒಂದು ಕಲೆ
ಸುಂದರ ಕೈತೋಟ ಮನೆಯ ಅಂದ ಹೆಚ್ಚಿಸುವುದರ ಜೊತೆಗೆ ಮನೆಯಲ್ಲಿನ ಪ್ರಶಾಂತತೆಯನ್ನು ಹೆಚ್ಚಿಸುತ್ತದೆ ಎಂದು ಎಸ್‌ಯುಜೆಎಂ ಕಾಲೇಜಿನ ಕನ್ನಡ ಉಪನ್ಯಾಸಕ ಹೆಚ್. ಮಲ್ಲಿಕಾರ್ಜುನ ಅಭಿಪ್ರಾಯಪಟ್ಟರು. ಪಟ್ಟಣದ ಕಾಲೇಜಿನ ರಾಷ್ಟ್ರೀಯ ಸೇವಾ ಯೋಜನಾ ಘಟಕದ ವತಿಯಿಂದ ಆಯೋಜಿಸಿದ್ದ ಕೈತೋಟ ನಿರ್ಮಾಣ ಕುರಿತ ಕಾರ್ಯಕ್ರಮದಲ್ಲಿ ಮಾತನಾಡಿದರು. ಮನೆಯ ಸುತ್ತಮುತ್ತ ಲಭ್ಯವಿರುವ ಸ್ಥಳದಲ್ಲಿ ತರಕಾರಿ, ಹೂವಿನ ಗಿಡಗಳನ್ನು ಬೆಳೆಸಿ ಆರೋಗ್ಯಕರ ಜೀವನ ನಡೆಸಬೇಕು ಎಂದರು. ಕಾಲೇಜಿನ ಪ್ರಾಂಶುಪಾಲರು, ಎನ್ಎಸ್ಎಸ್ ಅಧಿಕಾರಿಗಳು ಮತ್ತು ವಿದ್ಯಾರ್ಥಿಗಳು ಉಪಸ್ಥಿತರಿದ್ದರು.
ಸುಂದರ ಕೈತೋಟ ಮನೆಯ ಅಂದ ಹೆಚ್ಚಿಸುವುದರ ಜೊತೆಗೆ ಮನೆಯಲ್ಲಿನ ಪ್ರಶಾಂತತೆಯನ್ನು ಹೆಚ್ಚಿಸುತ್ತದೆ ಎಂದು ಎಸ್‌ಯುಜೆಎಂ ಕಾಲೇಜಿನ ಕನ್ನಡ ಉಪನ್ಯಾಸಕ ಹೆಚ್. ಮಲ್ಲಿಕಾರ್ಜುನ ಅಭಿಪ್ರಾಯಪಟ್ಟರು. ಪಟ್ಟಣದ ಕಾಲೇಜಿನ ರಾಷ್ಟ್ರೀಯ ಸೇವಾ ಯೋಜನಾ ಘಟಕದ ವತಿಯಿಂದ ಆಯೋಜಿಸಿದ್ದ ಕೈತೋಟ ನಿರ್ಮಾಣ ಕುರಿತ ಕಾರ್ಯಕ್ರಮದಲ್ಲಿ ಮಾತನಾಡಿದರು. ಮನೆಯ ಸುತ್ತಮುತ್ತ ಲಭ್ಯವಿರುವ ಸ್ಥಳದಲ್ಲಿ ತರಕಾರಿ, ಹೂವಿನ ಗಿಡಗಳನ್ನು ಬೆಳೆಸಿ ಆರೋಗ್ಯಕರ ಜೀವನ ನಡೆಸಬೇಕು ಎಂದರು. ಕಾಲೇಜಿನ ಪ್ರಾಂಶುಪಾಲರು, ಎನ್ಎಸ್ಎಸ್ ಅಧಿಕಾರಿಗಳು ಮತ್ತು ವಿದ್ಯಾರ್ಥಿಗಳು ಉಪಸ್ಥಿತರಿದ್ದರು.
